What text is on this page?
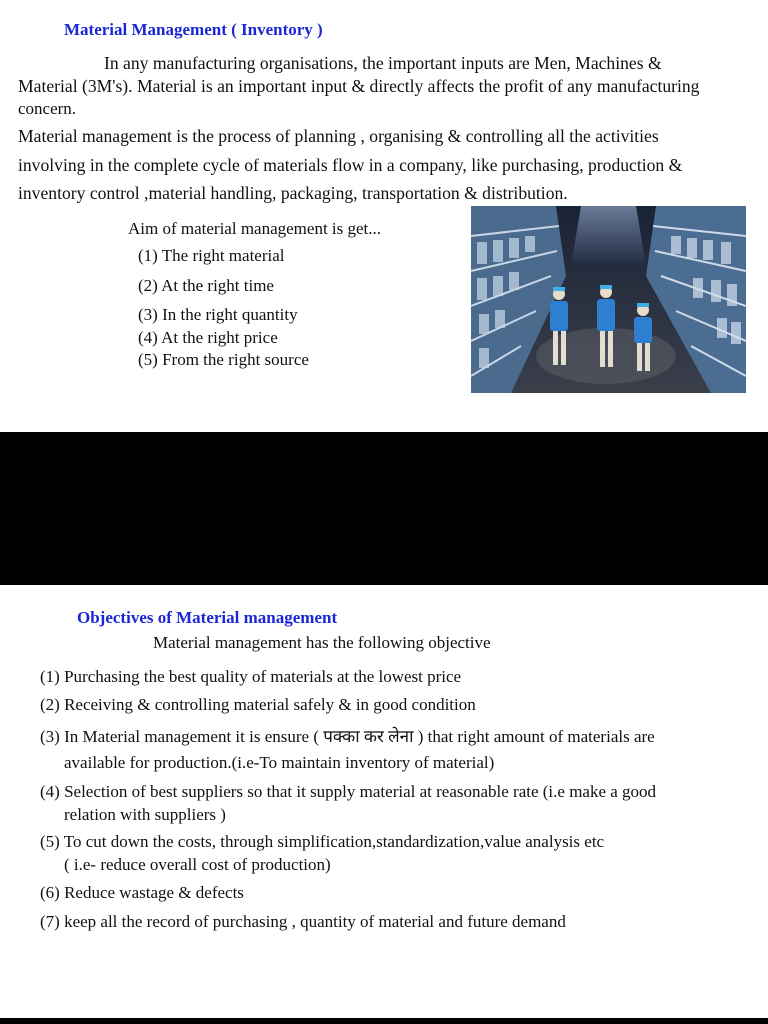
Material Management ( Inventory )
In any manufacturing organisations, the important inputs are Men, Machines &
Material (3M's). Material is an important input & directly affects the profit of any manufacturing
concern.
Material management is the process of planning , organising & controlling all the activities
involving in the complete cycle of materials flow in a company, like purchasing, production &
inventory control ,material handling, packaging, transportation & distribution.
Aim of material management is get...
(1) The right material
(2) At the right time
(3) In the right quantity
(4) At the right price
(5) From the right source
Objectives of Material management
Material management has the following objective
(1) Purchasing the best quality of materials at the lowest price
(2) Receiving & controlling material safely & in good condition
(3) In Material management it is ensure ( पक्का कर लेना ) that right amount of materials are
available for production.(i.e-To maintain inventory of material)
(4) Selection of best suppliers so that it supply material at reasonable rate (i.e make a good
relation with suppliers )
(5) To cut down the costs, through simplification,standardization,value analysis etc
( i.e- reduce overall cost of production)
(6) Reduce wastage & defects
(7) keep all the record of purchasing , quantity of material and future demand
